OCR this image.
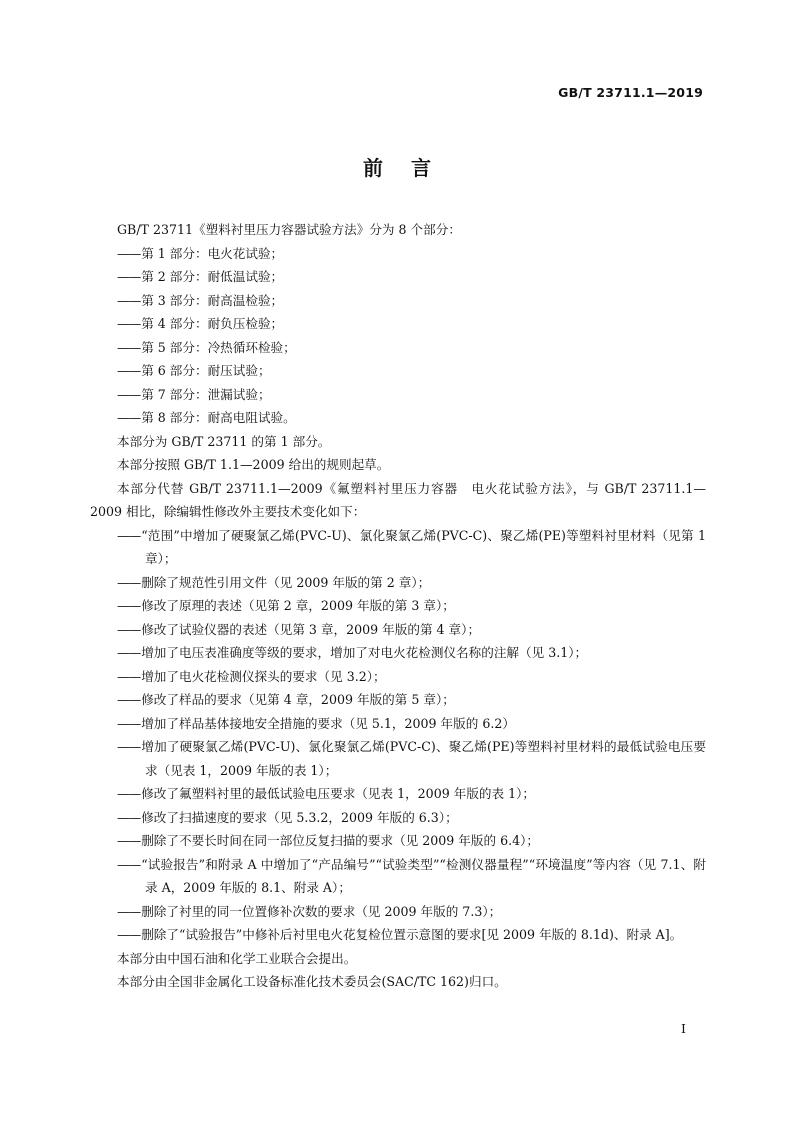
GB/T 23711.1—2019
前言

GB/T 23711《塑料衬里压力容器试验方法》分为 8 个部分：

—— 第 1 部分：电火花试验；

—— 第 2 部分：耐低温试验；

—— 第 3 部分：耐高温检验；

—— 第 4 部分：耐负压检验；

—— 第 5 部分：冷热循环检验；

—— 第 6 部分：耐压试验；

—— 第 7 部分：泄漏试验；

—— 第 8 部分：耐高电阻试验。

本部分为 GB/T 23711 的第 1 部分。

本部分按照 GB/T 1.1—2009 给出的规则起草。

本部分代替 GB/T 23711.1—2009《氟塑料衬里压力容器　电火花试验方法》，与 GB/T 23711.1—2009 相比，除编辑性修改外主要技术变化如下：

—— “范围”中增加了硬聚氯乙烯(PVC-U)、氯化聚氯乙烯(PVC-C)、聚乙烯(PE)等塑料衬里材料（见第 1 章）；

—— 删除了规范性引用文件（见 2009 年版的第 2 章）；

—— 修改了原理的表述（见第 2 章，2009 年版的第 3 章）；

—— 修改了试验仪器的表述（见第 3 章，2009 年版的第 4 章）；

—— 增加了电压表准确度等级的要求，增加了对电火花检测仪名称的注解（见 3.1）；

—— 增加了电火花检测仪探头的要求（见 3.2）；

—— 修改了样品的要求（见第 4 章，2009 年版的第 5 章）；

—— 增加了样品基体接地安全措施的要求（见 5.1，2009 年版的 6.2）

—— 增加了硬聚氯乙烯(PVC-U)、氯化聚氯乙烯(PVC-C)、聚乙烯(PE)等塑料衬里材料的最低试验电压要求（见表 1，2009 年版的表 1）；

—— 修改了氟塑料衬里的最低试验电压要求（见表 1，2009 年版的表 1）；

—— 修改了扫描速度的要求（见 5.3.2，2009 年版的 6.3）；

—— 删除了不要长时间在同一部位反复扫描的要求（见 2009 年版的 6.4）；

—— “试验报告”和附录 A 中增加了“产品编号”“试验类型”“检测仪器量程”“环境温度”等内容（见 7.1、附录 A，2009 年版的 8.1、附录 A）；

—— 删除了衬里的同一位置修补次数的要求（见 2009 年版的 7.3）；

—— 删除了“试验报告”中修补后衬里电火花复检位置示意图的要求[见 2009 年版的 8.1d)、附录 A]。

本部分由中国石油和化学工业联合会提出。

本部分由全国非金属化工设备标准化技术委员会(SAC/TC 162)归口。

I
